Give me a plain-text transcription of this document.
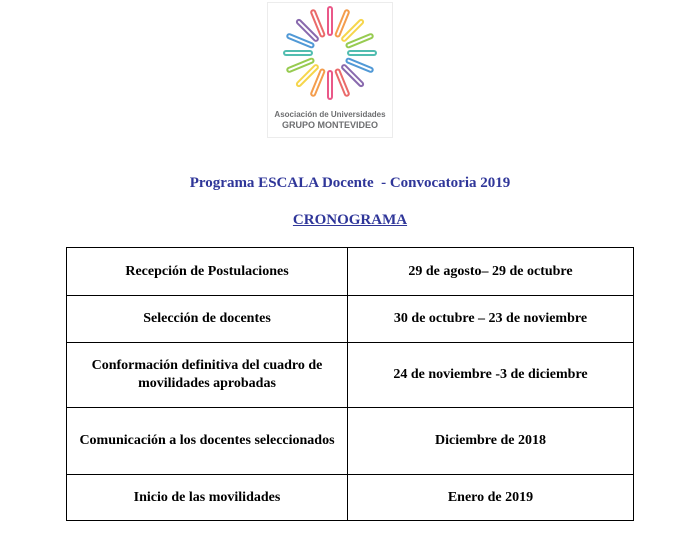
Asociación de Universidades
GRUPO MONTEVIDEO
Programa ESCALA Docente  - Convocatoria 2019
CRONOGRAMA
Recepción de Postulaciones	29 de agosto– 29 de octubre
Selección de docentes	30 de octubre – 23 de noviembre
Conformación definitiva del cuadro de movilidades aprobadas	24 de noviembre -3 de diciembre
Comunicación a los docentes seleccionados	Diciembre de 2018
Inicio de las movilidades	Enero de 2019
